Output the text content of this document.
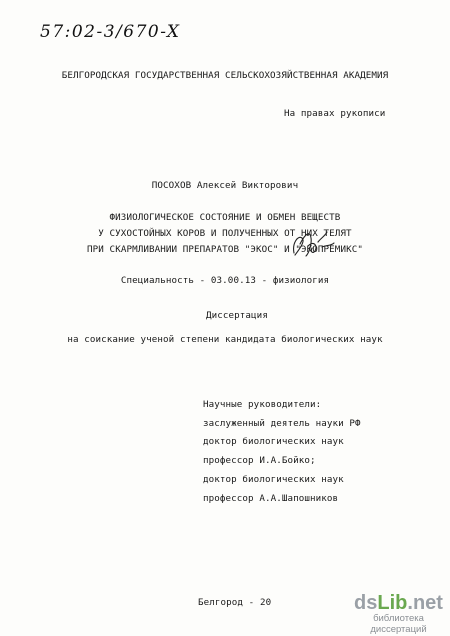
57:02-3/670-X
БЕЛГОРОДСКАЯ ГОСУДАРСТВЕННАЯ СЕЛЬСКОХОЗЯЙСТВЕННАЯ АКАДЕМИЯ
На правах рукописи
ПОСОХОВ Алексей Викторович
ФИЗИОЛОГИЧЕСКОЕ СОСТОЯНИЕ И ОБМЕН ВЕЩЕСТВ
У СУХОСТОЙНЫХ КОРОВ И ПОЛУЧЕННЫХ ОТ НИХ ТЕЛЯТ
ПРИ СКАРМЛИВАНИИ ПРЕПАРАТОВ "ЭКОС" И "ЭКОПРЕМИКС"
Специальность - 03.00.13 - физиология
Диссертация
на соискание ученой степени кандидата биологических наук
Научные руководители:
заслуженный деятель науки РФ
доктор биологических наук
профессор И.А.Бойко;
доктор биологических наук
профессор А.А.Шапошников
Белгород - 20	dsLib.net
библиотека диссертаций
